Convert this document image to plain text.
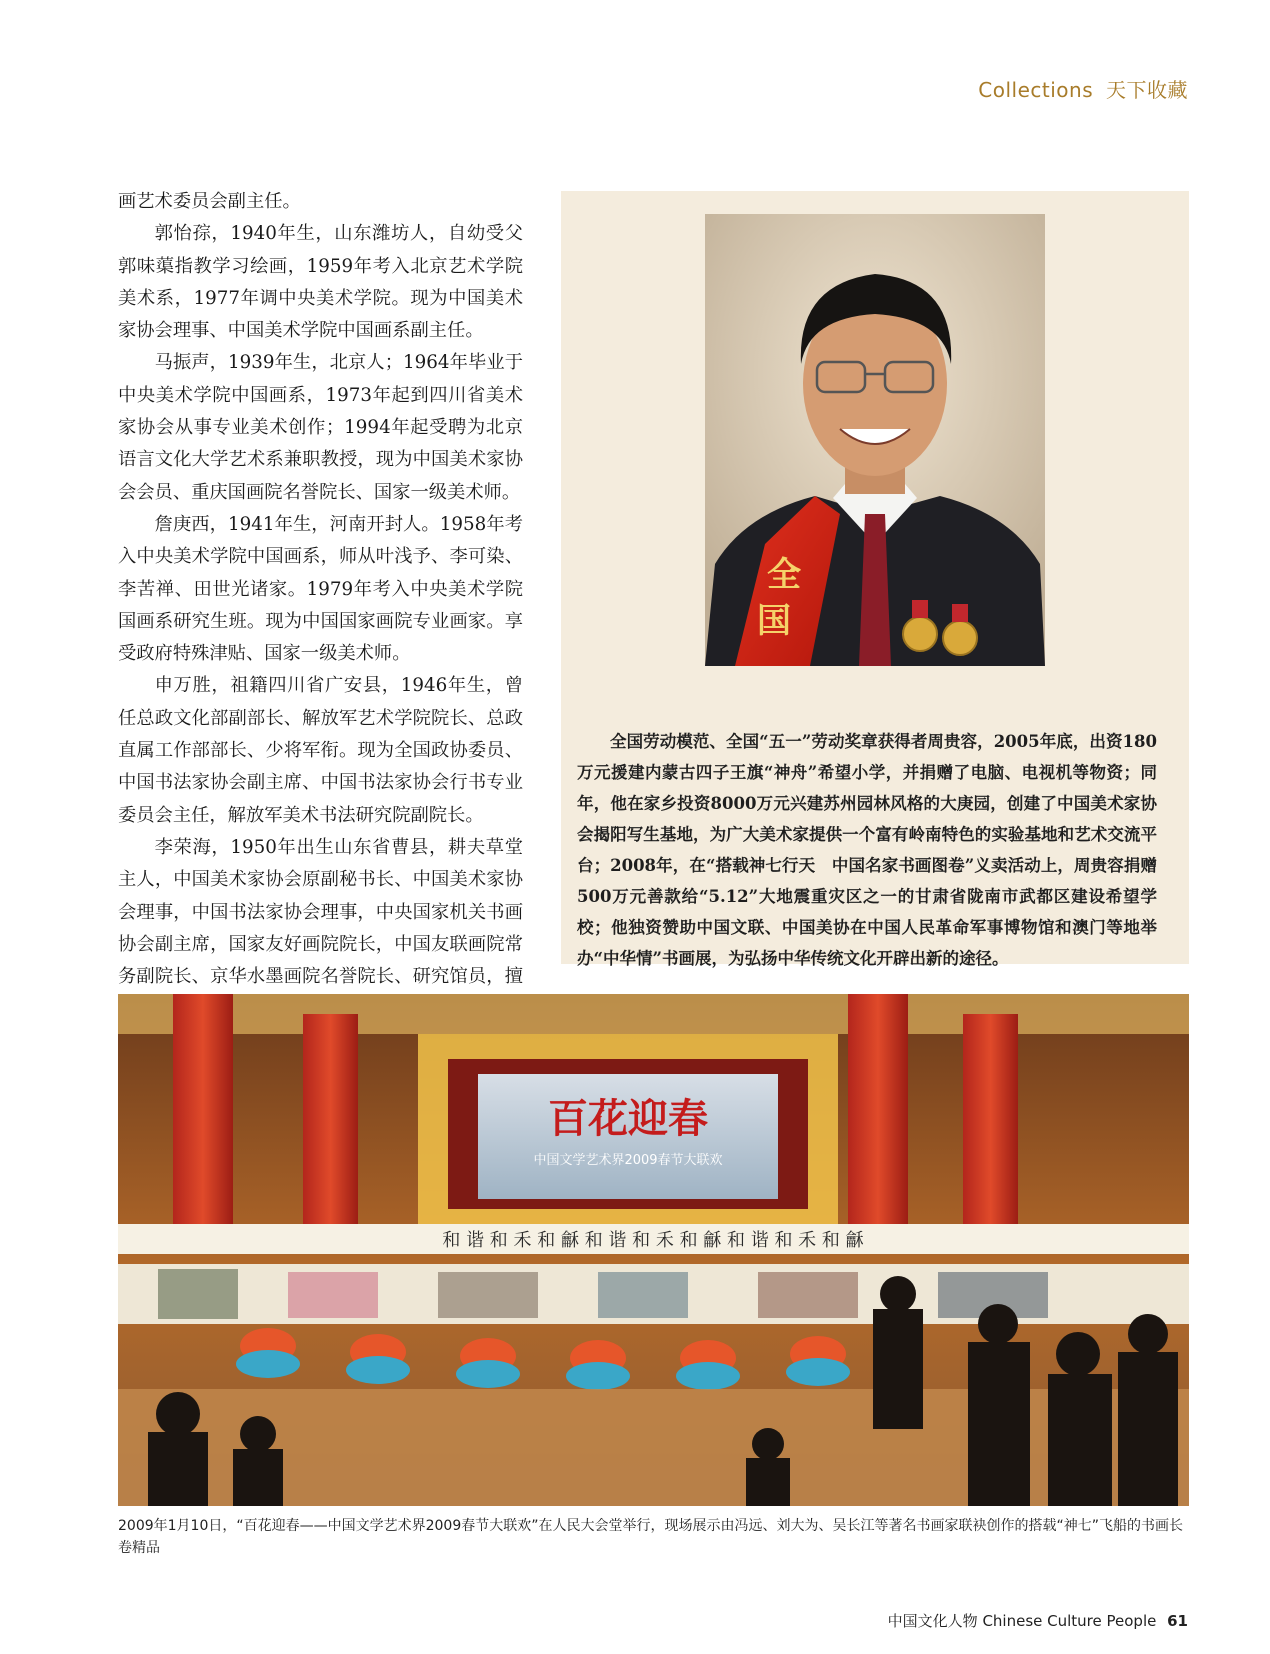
Collections 天下收藏

画艺术委员会副主任。

郭怡孮，1940年生，山东潍坊人，自幼受父郭味蕖指教学习绘画，1959年考入北京艺术学院美术系，1977年调中央美术学院。现为中国美术家协会理事、中国美术学院中国画系副主任。

马振声，1939年生，北京人；1964年毕业于中央美术学院中国画系，1973年起到四川省美术家协会从事专业美术创作；1994年起受聘为北京语言文化大学艺术系兼职教授，现为中国美术家协会会员、重庆国画院名誉院长、国家一级美术师。

詹庚西，1941年生，河南开封人。1958年考入中央美术学院中国画系，师从叶浅予、李可染、李苦禅、田世光诸家。1979年考入中央美术学院国画系研究生班。现为中国国家画院专业画家。享受政府特殊津贴、国家一级美术师。

申万胜，祖籍四川省广安县，1946年生，曾任总政文化部副部长、解放军艺术学院院长、总政直属工作部部长、少将军衔。现为全国政协委员、中国书法家协会副主席、中国书法家协会行书专业委员会主任，解放军美术书法研究院副院长。

李荣海，1950年出生山东省曹县，耕夫草堂主人，中国美术家协会原副秘书长、中国美术家协会理事，中国书法家协会理事，中央国家机关书画协会副主席，国家友好画院院长，中国友联画院常务副院长、京华水墨画院名誉院长、研究馆员，擅

全
国

全国劳动模范、全国“五一”劳动奖章获得者周贵容，2005年底，出资180万元援建内蒙古四子王旗“神舟”希望小学，并捐赠了电脑、电视机等物资；同年，他在家乡投资8000万元兴建苏州园林风格的大庚园，创建了中国美术家协会揭阳写生基地，为广大美术家提供一个富有岭南特色的实验基地和艺术交流平台；2008年，在“搭载神七行天　中国名家书画图卷”义卖活动上，周贵容捐赠500万元善款给“5.12”大地震重灾区之一的甘肃省陇南市武都区建设希望学校；他独资赞助中国文联、中国美协在中国人民革命军事博物馆和澳门等地举办“中华情”书画展，为弘扬中华传统文化开辟出新的途径。

百花迎春
中国文学艺术界2009春节大联欢
和 谐 和 禾 和 龢 和 谐 和 禾 和 龢 和 谐 和 禾 和 龢
2009年1月10日，“百花迎春——中国文学艺术界2009春节大联欢”在人民大会堂举行，现场展示由冯远、刘大为、吴长江等著名书画家联袂创作的搭载“神七”飞船的书画长卷精品
中国文化人物 Chinese Culture People 61
